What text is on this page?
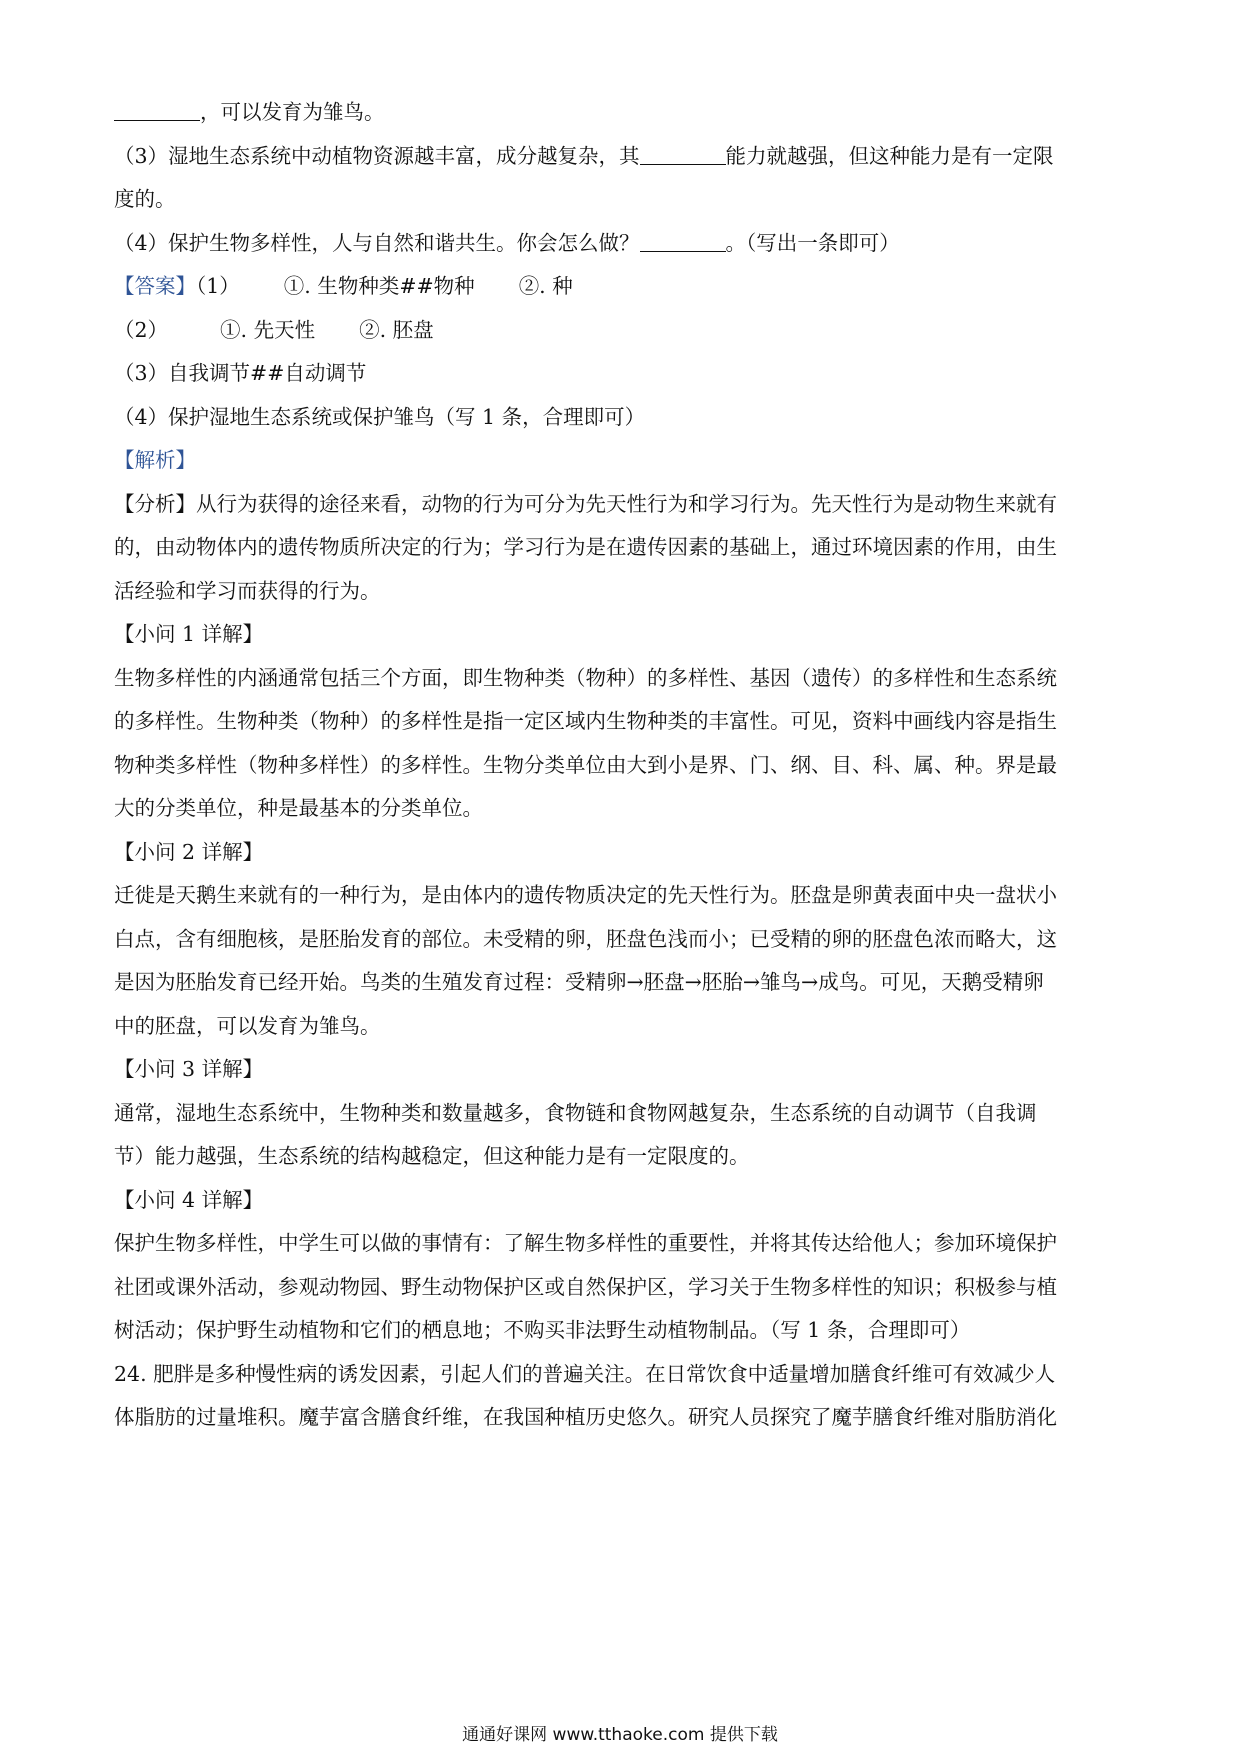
，可以发育为雏鸟。
（3）湿地生态系统中动植物资源越丰富，成分越复杂，其	能力就越强，但这种能力是有一定限
度的。
（4）保护生物多样性，人与自然和谐共生。你会怎么做？	。（写出一条即可）
【答案】（1） ①. 生物种类##物种 ②. 种
（2）	①. 先天性 ②. 胚盘
（3）自我调节##自动调节
（4）保护湿地生态系统或保护雏鸟（写 1 条，合理即可）
【解析】
【分析】从行为获得的途径来看，动物的行为可分为先天性行为和学习行为。先天性行为是动物生来就有
的，由动物体内的遗传物质所决定的行为；学习行为是在遗传因素的基础上，通过环境因素的作用，由生
活经验和学习而获得的行为。
【小问 1 详解】
生物多样性的内涵通常包括三个方面，即生物种类（物种）的多样性、基因（遗传）的多样性和生态系统
的多样性。生物种类（物种）的多样性是指一定区域内生物种类的丰富性。可见，资料中画线内容是指生
物种类多样性（物种多样性）的多样性。生物分类单位由大到小是界、门、纲、目、科、属、种。界是最
大的分类单位，种是最基本的分类单位。
【小问 2 详解】
迁徙是天鹅生来就有的一种行为，是由体内的遗传物质决定的先天性行为。胚盘是卵黄表面中央一盘状小
白点，含有细胞核，是胚胎发育的部位。未受精的卵，胚盘色浅而小；已受精的卵的胚盘色浓而略大，这
是因为胚胎发育已经开始。鸟类的生殖发育过程：受精卵→胚盘→胚胎→雏鸟→成鸟。可见，天鹅受精卵
中的胚盘，可以发育为雏鸟。
【小问 3 详解】
通常，湿地生态系统中，生物种类和数量越多，食物链和食物网越复杂，生态系统的自动调节（自我调
节）能力越强，生态系统的结构越稳定，但这种能力是有一定限度的。
【小问 4 详解】
保护生物多样性，中学生可以做的事情有：了解生物多样性的重要性，并将其传达给他人；参加环境保护
社团或课外活动，参观动物园、野生动物保护区或自然保护区，学习关于生物多样性的知识；积极参与植
树活动；保护野生动植物和它们的栖息地；不购买非法野生动植物制品。（写 1 条，合理即可）
24. 肥胖是多种慢性病的诱发因素，引起人们的普遍关注。在日常饮食中适量增加膳食纤维可有效减少人
体脂肪的过量堆积。魔芋富含膳食纤维，在我国种植历史悠久。研究人员探究了魔芋膳食纤维对脂肪消化
通通好课网 www.tthaoke.com 提供下载
